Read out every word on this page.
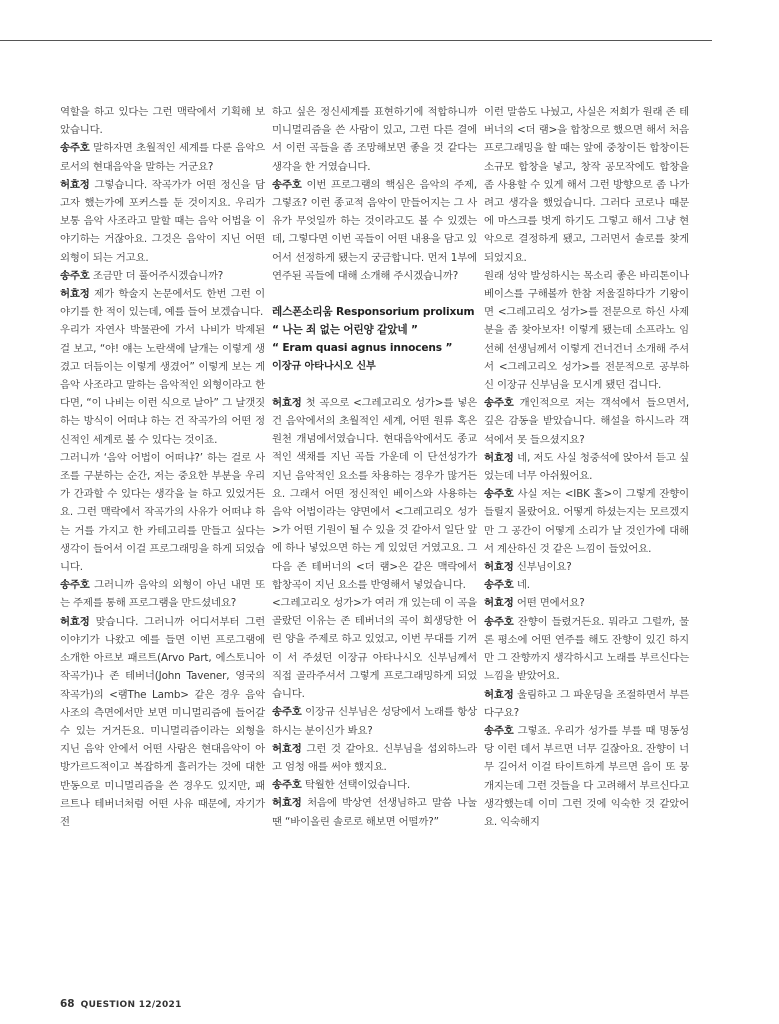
역할을 하고 있다는 그런 맥락에서 기획해 보았습니다.

송주호 말하자면 초월적인 세계를 다룬 음악으로서의 현대음악을 말하는 거군요?

허효정 그렇습니다. 작곡가가 어떤 정신을 담고자 했는가에 포커스를 둔 것이지요. 우리가 보통 음악 사조라고 말할 때는 음악 어법을 이야기하는 거잖아요. 그것은 음악이 지닌 어떤 외형이 되는 거고요.

송주호 조금만 더 풀어주시겠습니까?

허효정 제가 학술지 논문에서도 한번 그런 이야기를 한 적이 있는데, 예를 들어 보겠습니다.

우리가 자연사 박물관에 가서 나비가 박제된 걸 보고, “야! 얘는 노란색에 날개는 이렇게 생겼고 더듬이는 이렇게 생겼어” 이렇게 보는 게 음악 사조라고 말하는 음악적인 외형이라고 한다면, “이 나비는 이런 식으로 날아” 그 날갯짓 하는 방식이 어떠냐 하는 건 작곡가의 어떤 정신적인 세계로 볼 수 있다는 것이죠.

그러니까 ‘음악 어법이 어떠냐?’ 하는 걸로 사조를 구분하는 순간, 저는 중요한 부분을 우리가 간과할 수 있다는 생각을 늘 하고 있었거든요. 그런 맥락에서 작곡가의 사유가 어떠냐 하는 거를 가지고 한 카테고리를 만들고 싶다는 생각이 들어서 이걸 프로그래밍을 하게 되었습니다.

송주호 그러니까 음악의 외형이 아닌 내면 또는 주제를 통해 프로그램을 만드셨네요?

허효정 맞습니다. 그러니까 어디서부터 그런 이야기가 나왔고 예를 들면 이번 프로그램에 소개한 아르보 패르트(Arvo Part, 에스토니아 작곡가)나 존 테버너(John Tavener, 영국의 작곡가)의 <램The Lamb> 같은 경우 음악 사조의 측면에서만 보면 미니멀리즘에 들어갈 수 있는 거거든요. 미니멀리즘이라는 외형을 지닌 음악 안에서 어떤 사람은 현대음악이 아방가르드적이고 복잡하게 흘러가는 것에 대한 반동으로 미니멀리즘을 쓴 경우도 있지만, 패르트나 테버너처럼 어떤 사유 때문에, 자기가 전

하고 싶은 정신세계를 표현하기에 적합하니까 미니멀리즘을 쓴 사람이 있고, 그런 다른 결에서 이런 곡들을 좀 조망해보면 좋을 것 같다는 생각을 한 거였습니다.

송주호 이번 프로그램의 핵심은 음악의 주제, 그렇죠? 이런 종교적 음악이 만들어지는 그 사유가 무엇일까 하는 것이라고도 볼 수 있겠는데, 그렇다면 이번 곡들이 어떤 내용을 담고 있어서 선정하게 됐는지 궁금합니다. 먼저 1부에 연주된 곡들에 대해 소개해 주시겠습니까?

레스폰소리움 Responsorium prolixum

“ 나는 죄 없는 어린양 같았네 ”

“ Eram quasi agnus innocens ”

이장규 아타나시오 신부

허효정 첫 곡으로 <그레고리오 성가>를 넣은 건 음악에서의 초월적인 세계, 어떤 원류 혹은 원천 개념에서였습니다. 현대음악에서도 종교적인 색채를 지닌 곡들 가운데 이 단선성가가 지닌 음악적인 요소를 차용하는 경우가 많거든요. 그래서 어떤 정신적인 베이스와 사용하는 음악 어법이라는 양면에서 <그레고리오 성가>가 어떤 기원이 될 수 있을 것 같아서 일단 앞에 하나 넣었으면 하는 게 있었던 거였고요. 그 다음 존 테버너의 <더 램>은 같은 맥락에서 합창곡이 지닌 요소를 반영해서 넣었습니다.

<그레고리오 성가>가 여러 개 있는데 이 곡을 골랐던 이유는 존 테버너의 곡이 희생당한 어린 양을 주제로 하고 있었고, 이번 무대를 기꺼이 서 주셨던 이장규 아타나시오 신부님께서 직접 골라주셔서 그렇게 프로그래밍하게 되었습니다.

송주호 이장규 신부님은 성당에서 노래를 항상 하시는 분이신가 봐요?

허효정 그런 것 같아요. 신부님을 섭외하느라고 엄청 애를 써야 했지요.

송주호 탁월한 선택이었습니다.

허효정 처음에 박상연 선생님하고 말씀 나눌 땐 “바이올린 솔로로 해보면 어떨까?”

이런 말씀도 나눴고, 사실은 저희가 원래 존 테버너의 <더 램>을 합창으로 했으면 해서 처음 프로그래밍을 할 때는 앞에 중창이든 합창이든 소규모 합창을 넣고, 창작 공모작에도 합창을 좀 사용할 수 있게 해서 그런 방향으로 좀 나가려고 생각을 했었습니다. 그러다 코로나 때문에 마스크를 벗게 하기도 그렇고 해서 그냥 현악으로 결정하게 됐고, 그러면서 솔로를 찾게 되었지요.

원래 성악 발성하시는 목소리 좋은 바리톤이나 베이스를 구해볼까 한참 저울질하다가 기왕이면 <그레고리오 성가>를 전문으로 하신 사제분을 좀 찾아보자! 이렇게 됐는데 소프라노 임선혜 선생님께서 이렇게 건너건너 소개해 주셔서 <그레고리오 성가>를 전문적으로 공부하신 이장규 신부님을 모시게 됐던 겁니다.

송주호 개인적으로 저는 객석에서 들으면서, 깊은 감동을 받았습니다. 해설을 하시느라 객석에서 못 들으셨지요?

허효정 네, 저도 사실 청중석에 앉아서 듣고 싶었는데 너무 아쉬웠어요.

송주호 사실 저는 <IBK 홀>이 그렇게 잔향이 들릴지 몰랐어요. 어떻게 하셨는지는 모르겠지만 그 공간이 어떻게 소리가 날 것인가에 대해서 계산하신 것 같은 느낌이 들었어요.

허효정 신부님이요?

송주호 네.

허효정 어떤 면에서요?

송주호 잔향이 들렸거든요. 뭐라고 그럴까, 물론 평소에 어떤 연주를 해도 잔향이 있긴 하지만 그 잔향까지 생각하시고 노래를 부르신다는 느낌을 받았어요.

허효정 울림하고 그 파운딩을 조절하면서 부른다구요?

송주호 그렇죠. 우리가 성가를 부를 때 명동성당 이런 데서 부르면 너무 길잖아요. 잔향이 너무 길어서 이걸 타이트하게 부르면 음이 또 뭉개지는데 그런 것들을 다 고려해서 부르신다고 생각했는데 이미 그런 것에 익숙한 것 같았어요. 익숙해지

68 QUESTION 12/2021
